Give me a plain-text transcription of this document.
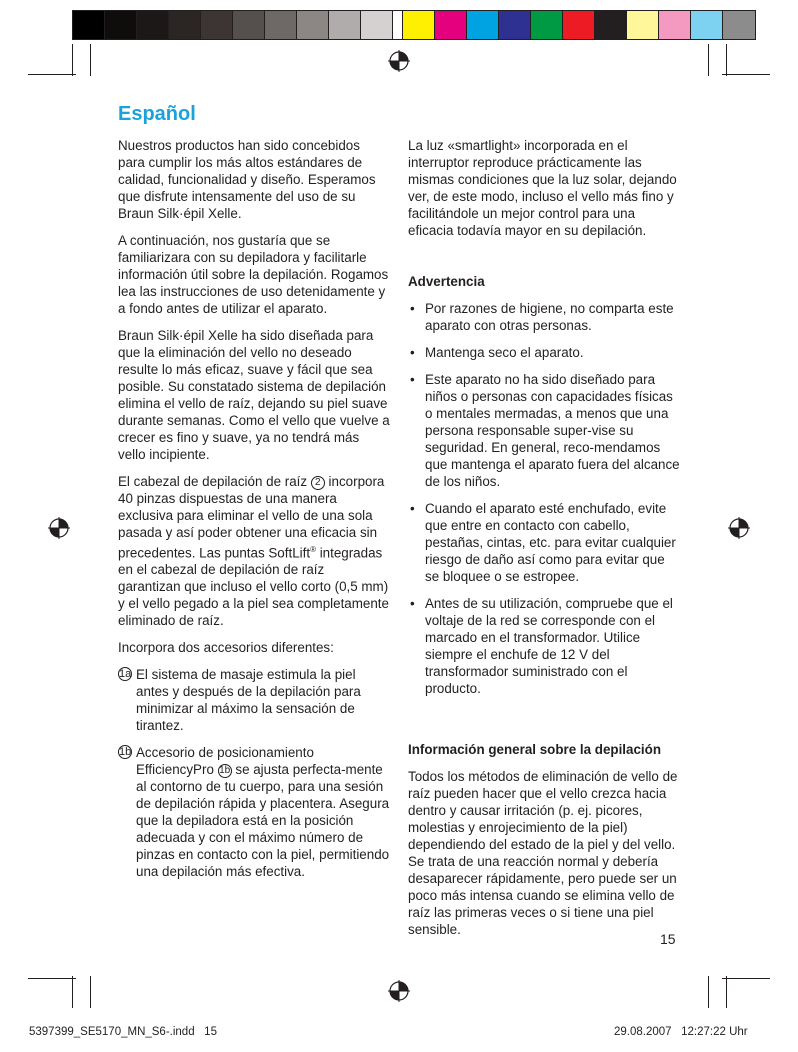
Español

Nuestros productos han sido concebidos para cumplir los más altos estándares de calidad, funcionalidad y diseño. Esperamos que disfrute intensamente del uso de su Braun Silk·épil Xelle.

A continuación, nos gustaría que se familiarizara con su depiladora y facilitarle información útil sobre la depilación. Rogamos lea las instrucciones de uso detenidamente y a fondo antes de utilizar el aparato.

Braun Silk·épil Xelle ha sido diseñada para que la eliminación del vello no deseado resulte lo más eficaz, suave y fácil que sea posible. Su constatado sistema de depilación elimina el vello de raíz, dejando su piel suave durante semanas. Como el vello que vuelve a crecer es fino y suave, ya no tendrá más vello incipiente.

El cabezal de depilación de raíz 2 incorpora 40 pinzas dispuestas de una manera exclusiva para eliminar el vello de una sola pasada y así poder obtener una eficacia sin precedentes. Las puntas SoftLift® integradas en el cabezal de depilación de raíz garantizan que incluso el vello corto (0,5 mm) y el vello pegado a la piel sea completamente eliminado de raíz.

Incorpora dos accesorios diferentes:

1a El sistema de masaje estimula la piel antes y después de la depilación para minimizar al máximo la sensación de tirantez.
1b Accesorio de posicionamiento EfficiencyPro 1b se ajusta perfecta-mente al contorno de tu cuerpo, para una sesión de depilación rápida y placentera. Asegura que la depiladora está en la posición adecuada y con el máximo número de pinzas en contacto con la piel, permitiendo una depilación más efectiva.

La luz «smartlight» incorporada en el interruptor reproduce prácticamente las mismas condiciones que la luz solar, dejando ver, de este modo, incluso el vello más fino y facilitándole un mejor control para una eficacia todavía mayor en su depilación.

Advertencia

• Por razones de higiene, no comparta este aparato con otras personas.

• Mantenga seco el aparato.

• Este aparato no ha sido diseñado para niños o personas con capacidades físicas o mentales mermadas, a menos que una persona responsable super-vise su seguridad. En general, reco-mendamos que mantenga el aparato fuera del alcance de los niños.

• Cuando el aparato esté enchufado, evite que entre en contacto con cabello, pestañas, cintas, etc. para evitar cualquier riesgo de daño así como para evitar que se bloquee o se estropee.

• Antes de su utilización, compruebe que el voltaje de la red se corresponde con el marcado en el transformador. Utilice siempre el enchufe de 12 V del transformador suministrado con el producto.

Información general sobre la depilación

Todos los métodos de eliminación de vello de raíz pueden hacer que el vello crezca hacia dentro y causar irritación (p. ej. picores, molestias y enrojecimiento de la piel) dependiendo del estado de la piel y del vello.

Se trata de una reacción normal y debería desaparecer rápidamente, pero puede ser un poco más intensa cuando se elimina vello de raíz las primeras veces o si tiene una piel sensible.

15
5397399_SE5170_MN_S6-.indd   15	29.08.2007   12:27:22 Uhr
